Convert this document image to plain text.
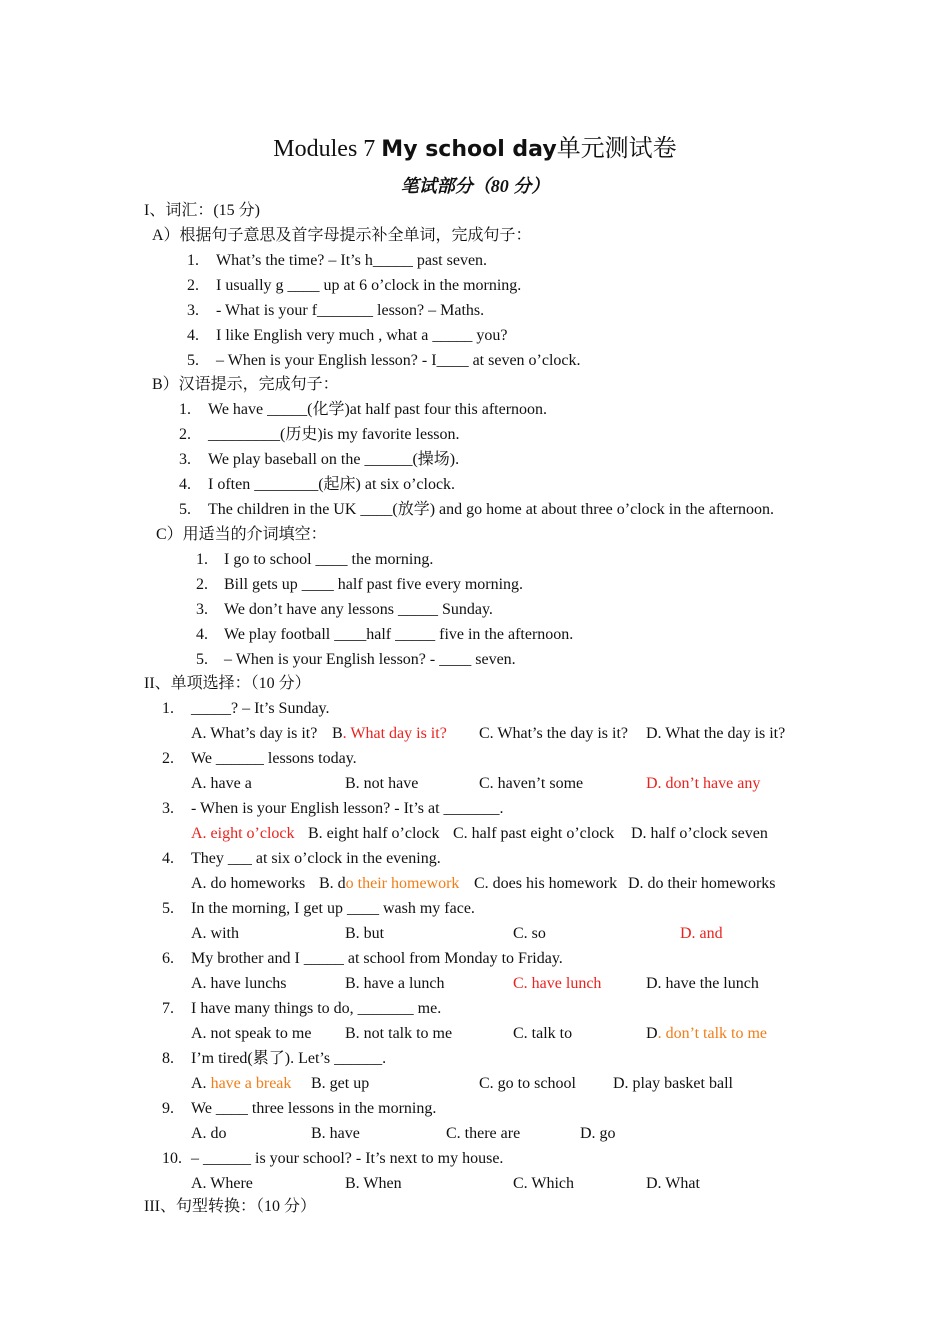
Modules 7 My school day单元测试卷
笔试部分（80 分）
I、词汇：(15 分)
A）根据句子意思及首字母提示补全单词，完成句子：
1. What’s the time? – It’s h_____ past seven.
2. I usually g ____ up at 6 o’clock in the morning.
3. - What is your f_______ lesson? – Maths.
4. I like English very much , what a _____ you?
5. – When is your English lesson? - I____ at seven o’clock.
B）汉语提示，完成句子：
1. We have _____(化学)at half past four this afternoon.
2. _________(历史)is my favorite lesson.
3. We play baseball on the ______(操场).
4. I often ________(起床) at six o’clock.
5. The children in the UK ____(放学) and go home at about three o’clock in the afternoon.
C）用适当的介词填空：
1. I go to school ____ the morning.
2. Bill gets up ____ half past five every morning.
3. We don’t have any lessons _____ Sunday.
4. We play football ____half _____ five in the afternoon.
5. – When is your English lesson? - ____ seven.
II、单项选择：（10 分）
1. _____? – It’s Sunday.
A. What’s day is it? B. What day is it? C. What’s the day is it? D. What the day is it?
2. We ______ lessons today.
A. have a	B. not have	C. haven’t some	D. don’t have any
3. - When is your English lesson? - It’s at _______.
A. eight o’clock B. eight half o’clock C. half past eight o’clock D. half o’clock seven
4. They ___ at six o’clock in the evening.
A. do homeworks B. do their homework C. does his homework D. do their homeworks
5. In the morning, I get up ____ wash my face.
A. with	B. but	C. so	D. and
6. My brother and I _____ at school from Monday to Friday.
A. have lunchs	B. have a lunch	C. have lunch	D. have the lunch
7. I have many things to do, _______ me.
A. not speak to me B. not talk to me	C. talk to	D. don’t talk to me
8. I’m tired(累了). Let’s ______.
A. have a break B. get up	C. go to school D. play basket ball
9. We ____ three lessons in the morning.
A. do	B. have	C. there are	D. go
10. – ______ is your school? - It’s next to my house.
A. Where	B. When	C. Which	D. What
III、句型转换：（10 分）
